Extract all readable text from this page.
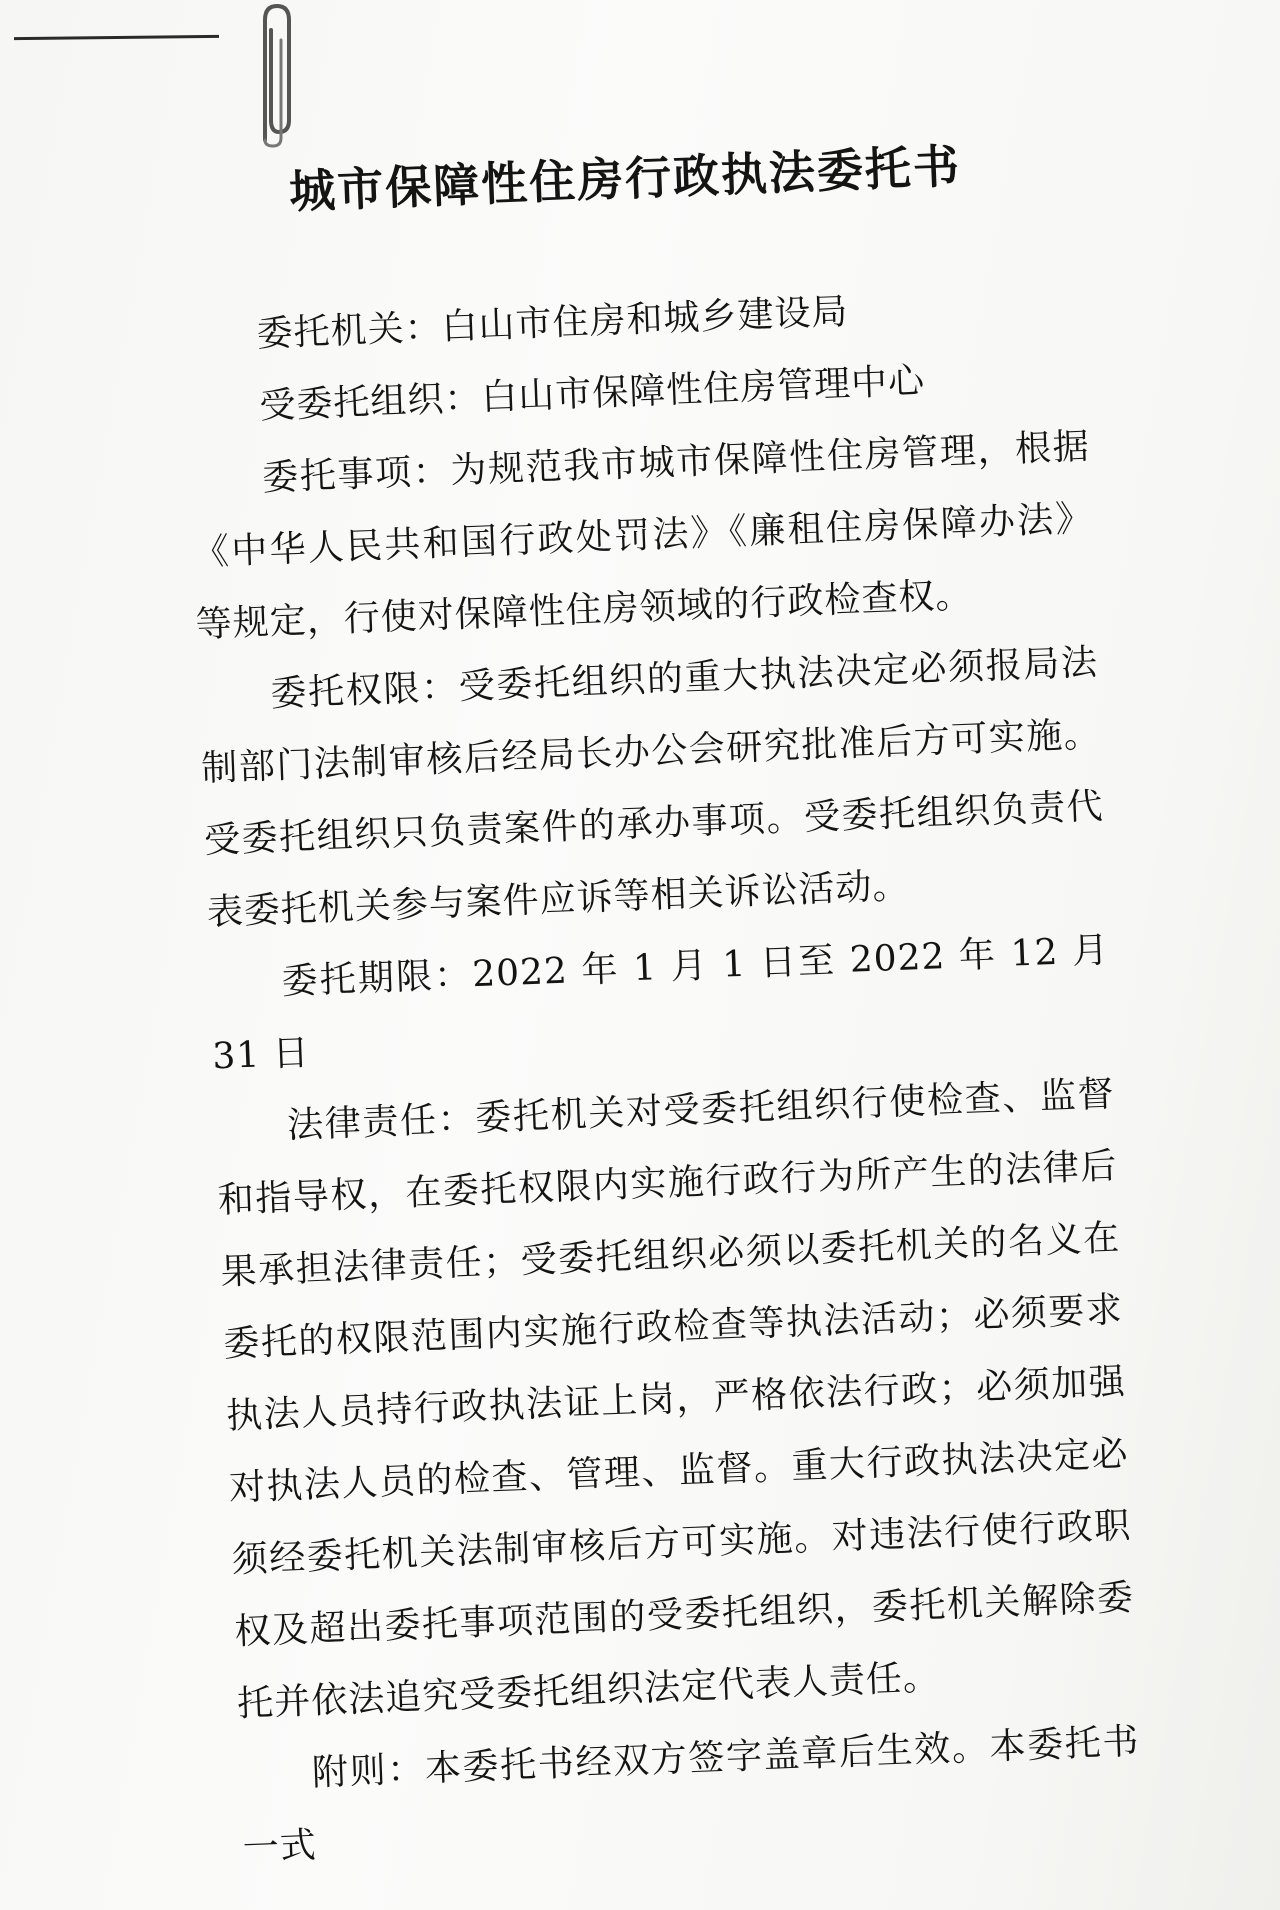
城市保障性住房行政执法委托书

委托机关：白山市住房和城乡建设局

受委托组织：白山市保障性住房管理中心

委托事项：为规范我市城市保障性住房管理，根据《中华人民共和国行政处罚法》《廉租住房保障办法》等规定，行使对保障性住房领域的行政检查权。

委托权限：受委托组织的重大执法决定必须报局法制部门法制审核后经局长办公会研究批准后方可实施。受委托组织只负责案件的承办事项。受委托组织负责代表委托机关参与案件应诉等相关诉讼活动。

委托期限：2022 年 1 月 1 日至 2022 年 12 月 31 日

法律责任：委托机关对受委托组织行使检查、监督和指导权，在委托权限内实施行政行为所产生的法律后果承担法律责任；受委托组织必须以委托机关的名义在委托的权限范围内实施行政检查等执法活动；必须要求执法人员持行政执法证上岗，严格依法行政；必须加强对执法人员的检查、管理、监督。重大行政执法决定必须经委托机关法制审核后方可实施。对违法行使行政职权及超出委托事项范围的受委托组织，委托机关解除委托并依法追究受委托组织法定代表人责任。

附则：本委托书经双方签字盖章后生效。本委托书一式
